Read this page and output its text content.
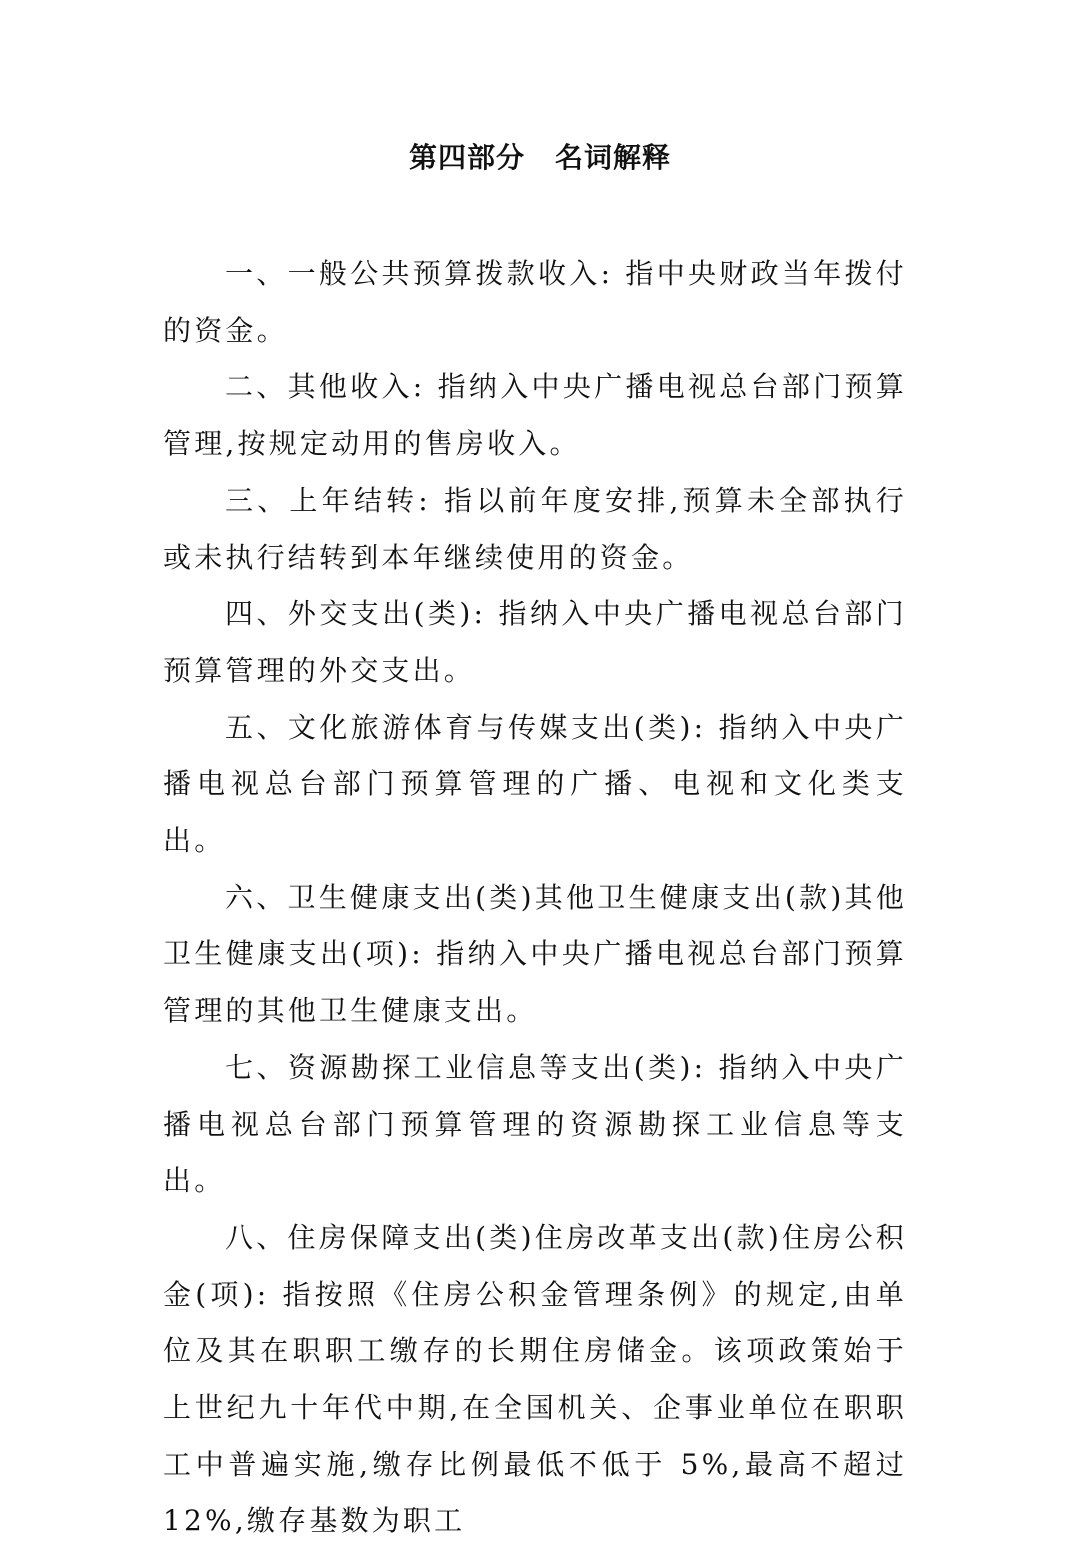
第四部分 名词解释

一、一般公共预算拨款收入: 指中央财政当年拨付的资金。

二、其他收入: 指纳入中央广播电视总台部门预算管理,按规定动用的售房收入。

三、上年结转: 指以前年度安排,预算未全部执行或未执行结转到本年继续使用的资金。

四、外交支出(类): 指纳入中央广播电视总台部门预算管理的外交支出。

五、文化旅游体育与传媒支出(类): 指纳入中央广播电视总台部门预算管理的广播、电视和文化类支出。

六、卫生健康支出(类)其他卫生健康支出(款)其他卫生健康支出(项): 指纳入中央广播电视总台部门预算管理的其他卫生健康支出。

七、资源勘探工业信息等支出(类): 指纳入中央广播电视总台部门预算管理的资源勘探工业信息等支出。

八、住房保障支出(类)住房改革支出(款)住房公积金(项): 指按照《住房公积金管理条例》的规定,由单位及其在职职工缴存的长期住房储金。该项政策始于上世纪九十年代中期,在全国机关、企事业单位在职职工中普遍实施,缴存比例最低不低于 5%,最高不超过 12%,缴存基数为职工
